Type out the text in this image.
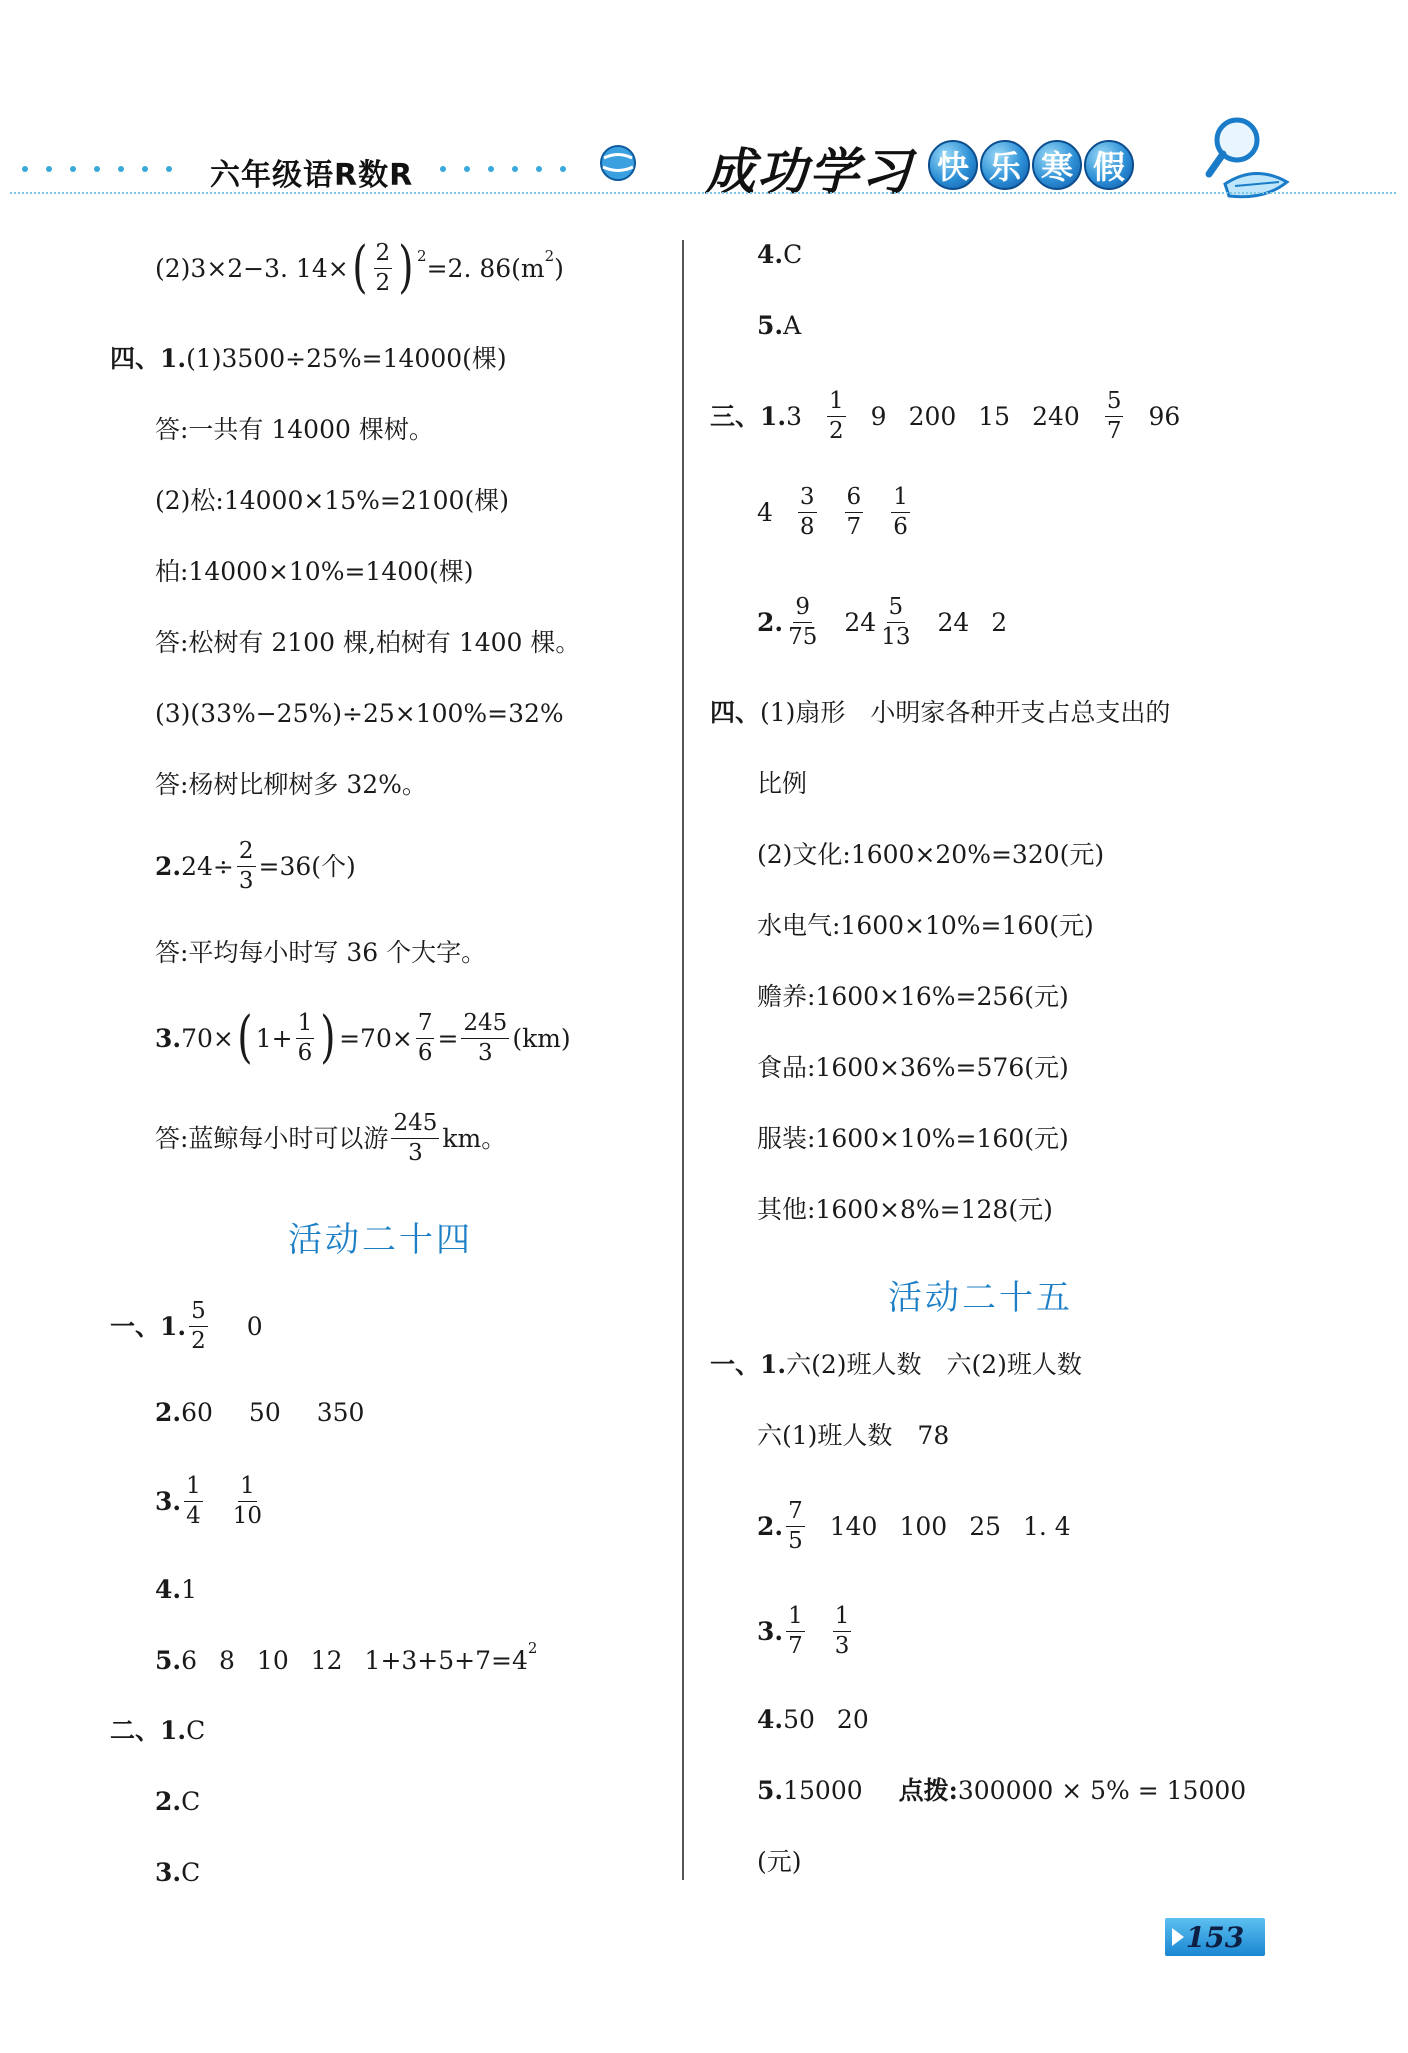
六年级语R数R	成功学习 快 乐 寒 假
(2)3×2−3. 14× ( $\frac{2}{2}$ ) 2 =2. 86(m 2 )
四、1. (1)3500÷25%=14000(棵)
答:一共有 14000 棵树。
(2)松:14000×15%=2100(棵)
柏:14000×10%=1400(棵)
答:松树有 2100 棵,柏树有 1400 棵。
(3)(33%−25%)÷25×100%=32%
答:杨树比柳树多 32%。
2. $24\div \frac{2}{3} =36$(个)
答:平均每小时写 36 个大字。
3. 70× ( $1+ \frac{1}{6}$ ) $=70\times \frac{7}{6} = \frac{245}{3} (km)$
答:蓝鲸每小时可以游 $\frac{245}{3}$ km。
活动二十四
一、1. $\frac{5}{2} 0$
2. 60 50 350
3. $\frac{1}{4} \frac{1}{10}$
4. 1
5. 6 8 10 12 1+3+5+7=4 2
二、1. C
2. C
3. C
4. C
5. A
三、1. $3 \frac{1}{2} 9$ 200 15 $240 \frac{5}{7} 96$
$4 \frac{3}{8} \frac{6}{7} \frac{1}{6}$
2. $\frac{9}{75} 24 \frac{5}{13} 24$ 2
四、 (1)扇形　小明家各种开支占总支出的
比例
(2)文化:1600×20%=320(元)
水电气:1600×10%=160(元)
赡养:1600×16%=256(元)
食品:1600×36%=576(元)
服装:1600×10%=160(元)
其他:1600×8%=128(元)
活动二十五
一、1. 六(2)班人数　六(2)班人数
六(1)班人数　78
2. $\frac{7}{5} 140$ 100 25 1. 4
3. $\frac{1}{7} \frac{1}{3}$
4. 50 20
5. 15000 点拨: 300000 × 5% = 15000
(元)
153
